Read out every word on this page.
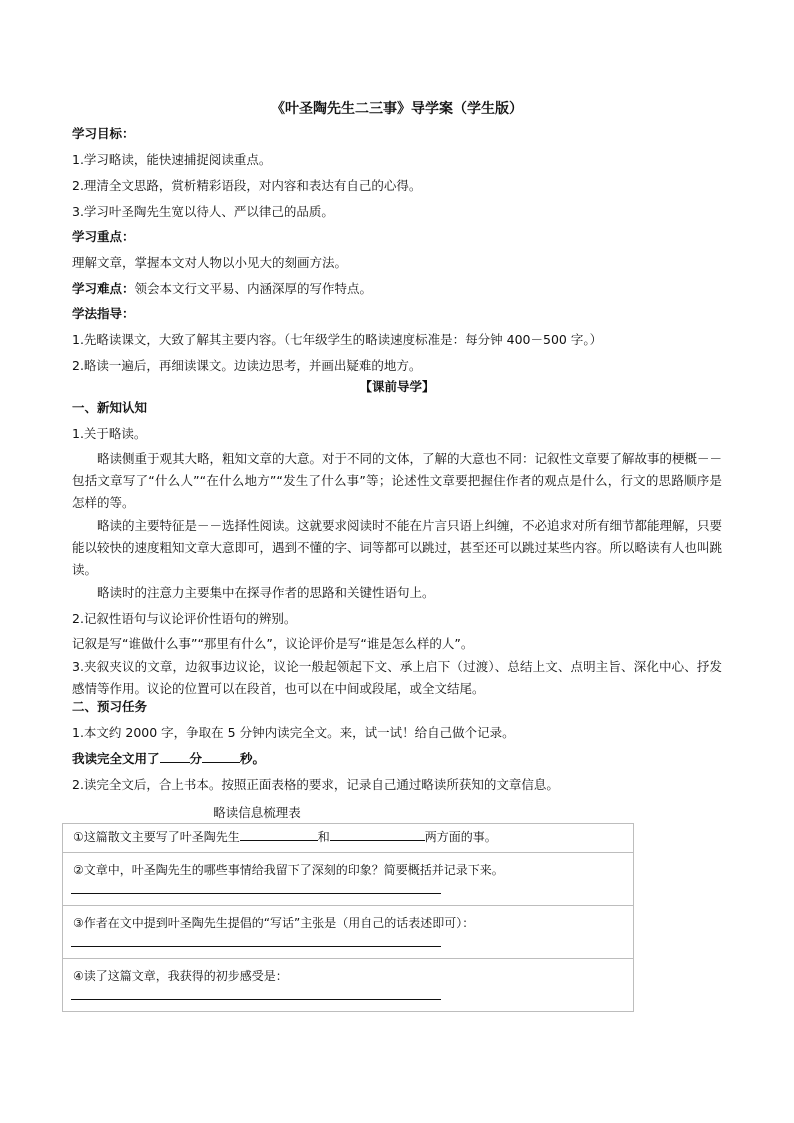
《叶圣陶先生二三事》导学案（学生版）
学习目标：
1.学习略读，能快速捕捉阅读重点。
2.理清全文思路，赏析精彩语段，对内容和表达有自己的心得。
3.学习叶圣陶先生宽以待人、严以律己的品质。
学习重点：
理解文章，掌握本文对人物以小见大的刻画方法。
学习难点：领会本文行文平易、内涵深厚的写作特点。
学法指导：
1.先略读课文，大致了解其主要内容。（七年级学生的略读速度标准是：每分钟 400－500 字。）
2.略读一遍后，再细读课文。边读边思考，并画出疑难的地方。
【课前导学】
一、新知认知
1.关于略读。
略读侧重于观其大略，粗知文章的大意。对于不同的文体，了解的大意也不同：记叙性文章要了解故事的梗概－－包括文章写了“什么人”“在什么地方”“发生了什么事”等；论述性文章要把握住作者的观点是什么，行文的思路顺序是怎样的等。
略读的主要特征是－－选择性阅读。这就要求阅读时不能在片言只语上纠缠，不必追求对所有细节都能理解，只要能以较快的速度粗知文章大意即可，遇到不懂的字、词等都可以跳过，甚至还可以跳过某些内容。所以略读有人也叫跳读。
略读时的注意力主要集中在探寻作者的思路和关键性语句上。
2.记叙性语句与议论评价性语句的辨别。
记叙是写“谁做什么事”“那里有什么”，议论评价是写“谁是怎么样的人”。
3.夹叙夹议的文章，边叙事边议论，议论一般起领起下文、承上启下（过渡）、总结上文、点明主旨、深化中心、抒发感情等作用。议论的位置可以在段首，也可以在中间或段尾，或全文结尾。
二、预习任务
1.本文约 2000 字，争取在 5 分钟内读完全文。来，试一试！给自己做个记录。
我读完全文用了 分	秒。
2.读完全文后，合上书本。按照正面表格的要求，记录自己通过略读所获知的文章信息。
略读信息梳理表
①这篇散文主要写了叶圣陶先生	和	两方面的事。

②文章中，叶圣陶先生的哪些事情给我留下了深刻的印象？简要概括并记录下来。

③作者在文中提到叶圣陶先生提倡的“写话”主张是（用自己的话表述即可）：

④读了这篇文章，我获得的初步感受是：
